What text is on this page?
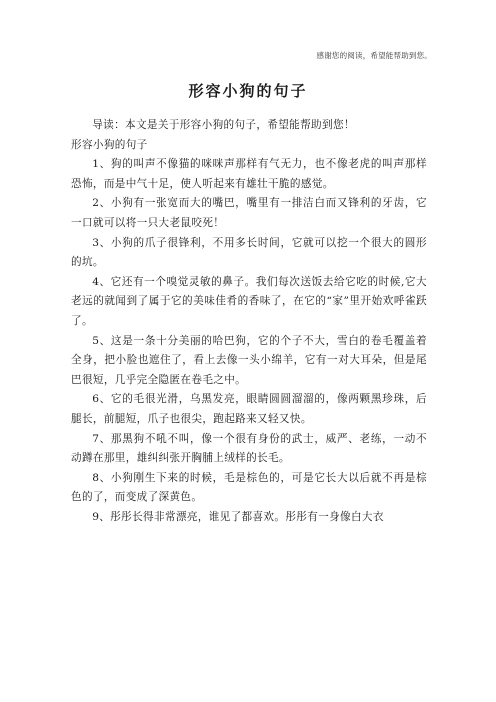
感谢您的阅读，希望能帮助到您。
形容小狗的句子

导读：本文是关于形容小狗的句子，希望能帮助到您！

形容小狗的句子

1、狗的叫声不像猫的咪咪声那样有气无力，也不像老虎的叫声那样恐怖，而是中气十足，使人听起来有雄壮干脆的感觉。

2、小狗有一张宽而大的嘴巴，嘴里有一排洁白而又锋利的牙齿，它一口就可以将一只大老鼠咬死！

3、小狗的爪子很锋利，不用多长时间，它就可以挖一个很大的圆形的坑。

4、它还有一个嗅觉灵敏的鼻子。我们每次送饭去给它吃的时候,它大老远的就闻到了属于它的美味佳肴的香味了，在它的“家”里开始欢呼雀跃了。

5、这是一条十分美丽的哈巴狗，它的个子不大，雪白的卷毛覆盖着全身，把小脸也遮住了，看上去像一头小绵羊，它有一对大耳朵，但是尾巴很短，几乎完全隐匿在卷毛之中。

6、它的毛很光滑，乌黑发亮，眼睛圆圆溜溜的，像两颗黑珍珠，后腿长，前腿短，爪子也很尖，跑起路来又轻又快。

7、那黑狗不吼不叫，像一个很有身份的武士，威严、老练，一动不动蹲在那里，雄纠纠张开胸脯上绒样的长毛。

8、小狗刚生下来的时候，毛是棕色的，可是它长大以后就不再是棕色的了，而变成了深黄色。

9、彤彤长得非常漂亮，谁见了都喜欢。彤彤有一身像白大衣
